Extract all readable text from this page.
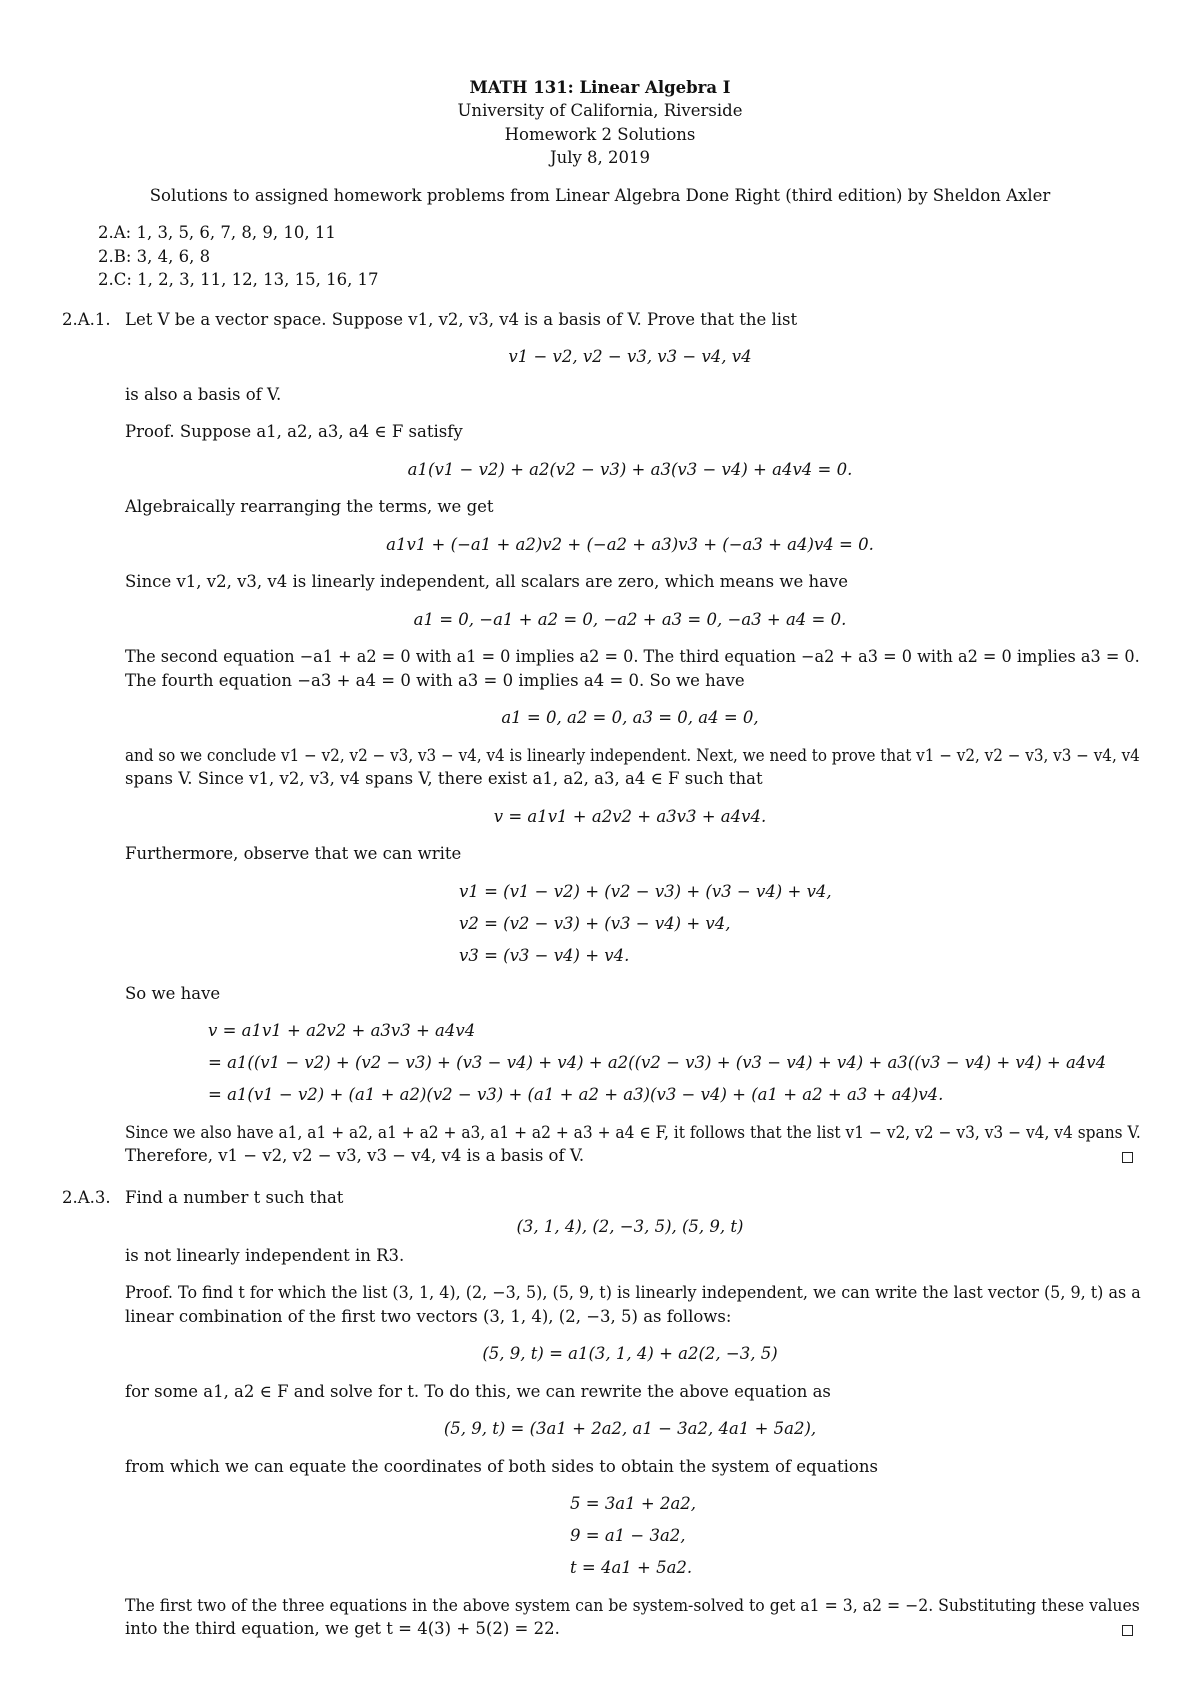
MATH 131: Linear Algebra I
University of California, Riverside
Homework 2 Solutions
July 8, 2019
Solutions to assigned homework problems from Linear Algebra Done Right (third edition) by Sheldon Axler
2.A: 1, 3, 5, 6, 7, 8, 9, 10, 11
2.B: 3, 4, 6, 8
2.C: 1, 2, 3, 11, 12, 13, 15, 16, 17
2.A.1. Let V be a vector space. Suppose v1, v2, v3, v4 is a basis of V. Prove that the list
v1 − v2, v2 − v3, v3 − v4, v4
is also a basis of V.
Proof. Suppose a1, a2, a3, a4 ∈ F satisfy
a1(v1 − v2) + a2(v2 − v3) + a3(v3 − v4) + a4v4 = 0.
Algebraically rearranging the terms, we get
a1v1 + (−a1 + a2)v2 + (−a2 + a3)v3 + (−a3 + a4)v4 = 0.
Since v1, v2, v3, v4 is linearly independent, all scalars are zero, which means we have
a1 = 0, −a1 + a2 = 0, −a2 + a3 = 0, −a3 + a4 = 0.
The second equation −a1 + a2 = 0 with a1 = 0 implies a2 = 0. The third equation −a2 + a3 = 0 with a2 = 0 implies a3 = 0.
The fourth equation −a3 + a4 = 0 with a3 = 0 implies a4 = 0. So we have
a1 = 0, a2 = 0, a3 = 0, a4 = 0,
and so we conclude v1 − v2, v2 − v3, v3 − v4, v4 is linearly independent. Next, we need to prove that v1 − v2, v2 − v3, v3 − v4, v4
spans V. Since v1, v2, v3, v4 spans V, there exist a1, a2, a3, a4 ∈ F such that
v = a1v1 + a2v2 + a3v3 + a4v4.
Furthermore, observe that we can write
v1 = (v1 − v2) + (v2 − v3) + (v3 − v4) + v4,
v2 = (v2 − v3) + (v3 − v4) + v4,
v3 = (v3 − v4) + v4.
So we have
v = a1v1 + a2v2 + a3v3 + a4v4
= a1((v1 − v2) + (v2 − v3) + (v3 − v4) + v4) + a2((v2 − v3) + (v3 − v4) + v4) + a3((v3 − v4) + v4) + a4v4
= a1(v1 − v2) + (a1 + a2)(v2 − v3) + (a1 + a2 + a3)(v3 − v4) + (a1 + a2 + a3 + a4)v4.
Since we also have a1, a1 + a2, a1 + a2 + a3, a1 + a2 + a3 + a4 ∈ F, it follows that the list v1 − v2, v2 − v3, v3 − v4, v4 spans V.
Therefore, v1 − v2, v2 − v3, v3 − v4, v4 is a basis of V.
2.A.3. Find a number t such that
(3, 1, 4), (2, −3, 5), (5, 9, t)
is not linearly independent in R3.
Proof. To find t for which the list (3, 1, 4), (2, −3, 5), (5, 9, t) is linearly independent, we can write the last vector (5, 9, t) as a
linear combination of the first two vectors (3, 1, 4), (2, −3, 5) as follows:
(5, 9, t) = a1(3, 1, 4) + a2(2, −3, 5)
for some a1, a2 ∈ F and solve for t. To do this, we can rewrite the above equation as
(5, 9, t) = (3a1 + 2a2, a1 − 3a2, 4a1 + 5a2),
from which we can equate the coordinates of both sides to obtain the system of equations
5 = 3a1 + 2a2,
9 = a1 − 3a2,
t = 4a1 + 5a2.
The first two of the three equations in the above system can be system-solved to get a1 = 3, a2 = −2. Substituting these values
into the third equation, we get t = 4(3) + 5(2) = 22.
